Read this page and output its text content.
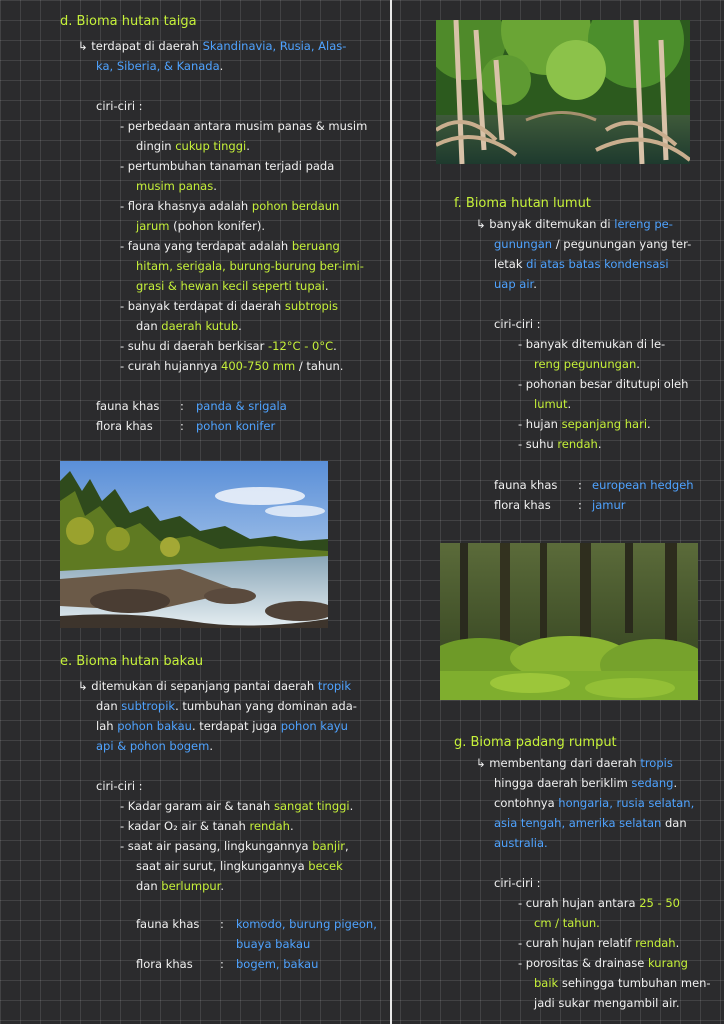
d. Bioma hutan taiga
↳ terdapat di daerah Skandinavia, Rusia, Alas-
ka, Siberia, & Kanada.
ciri-ciri :
- perbedaan antara musim panas & musim
dingin cukup tinggi.
- pertumbuhan tanaman terjadi pada
musim panas.
- flora khasnya adalah pohon berdaun
jarum (pohon konifer).
- fauna yang terdapat adalah beruang
hitam, serigala, burung-burung ber-imi-
grasi & hewan kecil seperti tupai.
- banyak terdapat di daerah subtropis
dan daerah kutub.
- suhu di daerah berkisar -12°C - 0°C.
- curah hujannya 400-750 mm / tahun.
fauna khas : panda & srigala
flora khas : pohon konifer
e. Bioma hutan bakau
↳ ditemukan di sepanjang pantai daerah tropik
dan subtropik. tumbuhan yang dominan ada-
lah pohon bakau. terdapat juga pohon kayu
api & pohon bogem.
ciri-ciri :
- Kadar garam air & tanah sangat tinggi.
- kadar O₂ air & tanah rendah.
- saat air pasang, lingkungannya banjir,
saat air surut, lingkungannya becek
dan berlumpur.
fauna khas : komodo, burung pigeon,
buaya bakau
flora khas : bogem, bakau
f. Bioma hutan lumut
↳ banyak ditemukan di lereng pe-
gunungan / pegunungan yang ter-
letak di atas batas kondensasi
uap air.
ciri-ciri :
- banyak ditemukan di le-
reng pegunungan.
- pohonan besar ditutupi oleh
lumut.
- hujan sepanjang hari.
- suhu rendah.
fauna khas : european hedgeh
flora khas : jamur
g. Bioma padang rumput
↳ membentang dari daerah tropis
hingga daerah beriklim sedang.
contohnya hongaria, rusia selatan,
asia tengah, amerika selatan dan
australia.
ciri-ciri :
- curah hujan antara 25 - 50
cm / tahun.
- curah hujan relatif rendah.
- porositas & drainase kurang
baik sehingga tumbuhan men-
jadi sukar mengambil air.
